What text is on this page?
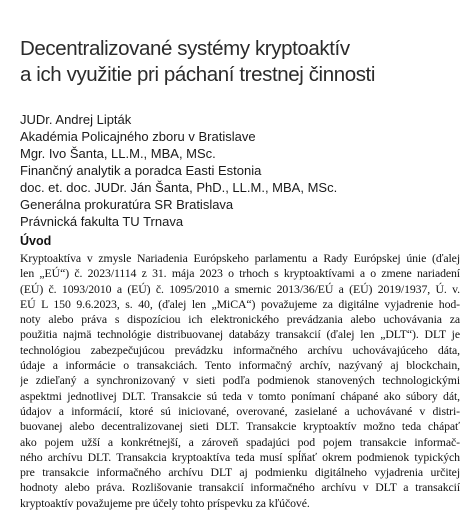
Decentralizované systémy kryptoaktív
a ich využitie pri páchaní trestnej činnosti
JUDr. Andrej Lipták
Akadémia Policajného zboru v Bratislave
Mgr. Ivo Šanta, LL.M., MBA, MSc.
Finančný analytik a poradca Easti Estonia
doc. et. doc. JUDr. Ján Šanta, PhD., LL.M., MBA, MSc.
Generálna prokuratúra SR Bratislava
Právnická fakulta TU Trnava
Úvod
Kryptoaktíva v zmysle Nariadenia Európskeho parlamentu a Rady Európskej únie (ďalej
len „EÚ“) č. 2023/1114 z 31. mája 2023 o trhoch s kryptoaktívami a o zmene nariadení
(EÚ) č. 1093/2010 a (EÚ) č. 1095/2010 a smernic 2013/36/EÚ a (EÚ) 2019/1937, Ú. v.
EÚ L 150 9.6.2023, s. 40, (ďalej len „MiCA“) považujeme za digitálne vyjadrenie hod-
noty alebo práva s dispozíciou ich elektronického prevádzania alebo uchovávania za
použitia najmä technológie distribuovanej databázy transakcií (ďalej len „DLT“). DLT je
technológiou zabezpečujúcou prevádzku informačného archívu uchovávajúceho dáta,
údaje a informácie o transakciách. Tento informačný archív, nazývaný aj blockchain,
je zdieľaný a synchronizovaný v sieti podľa podmienok stanovených technologickými
aspektmi jednotlivej DLT. Transakcie sú teda v tomto ponímaní chápané ako súbory dát,
údajov a informácií, ktoré sú iniciované, overované, zasielané a uchovávané v distri-
buovanej alebo decentralizovanej sieti DLT. Transakcie kryptoaktív možno teda chápať
ako pojem užší a konkrétnejší, a zároveň spadajúci pod pojem transakcie informač-
ného archívu DLT. Transakcia kryptoaktíva teda musí spĺňať okrem podmienok typických
pre transakcie informačného archívu DLT aj podmienku digitálneho vyjadrenia určitej
hodnoty alebo práva. Rozlišovanie transakcií informačného archívu v DLT a transakcií
kryptoaktív považujeme pre účely tohto príspevku za kľúčové.
